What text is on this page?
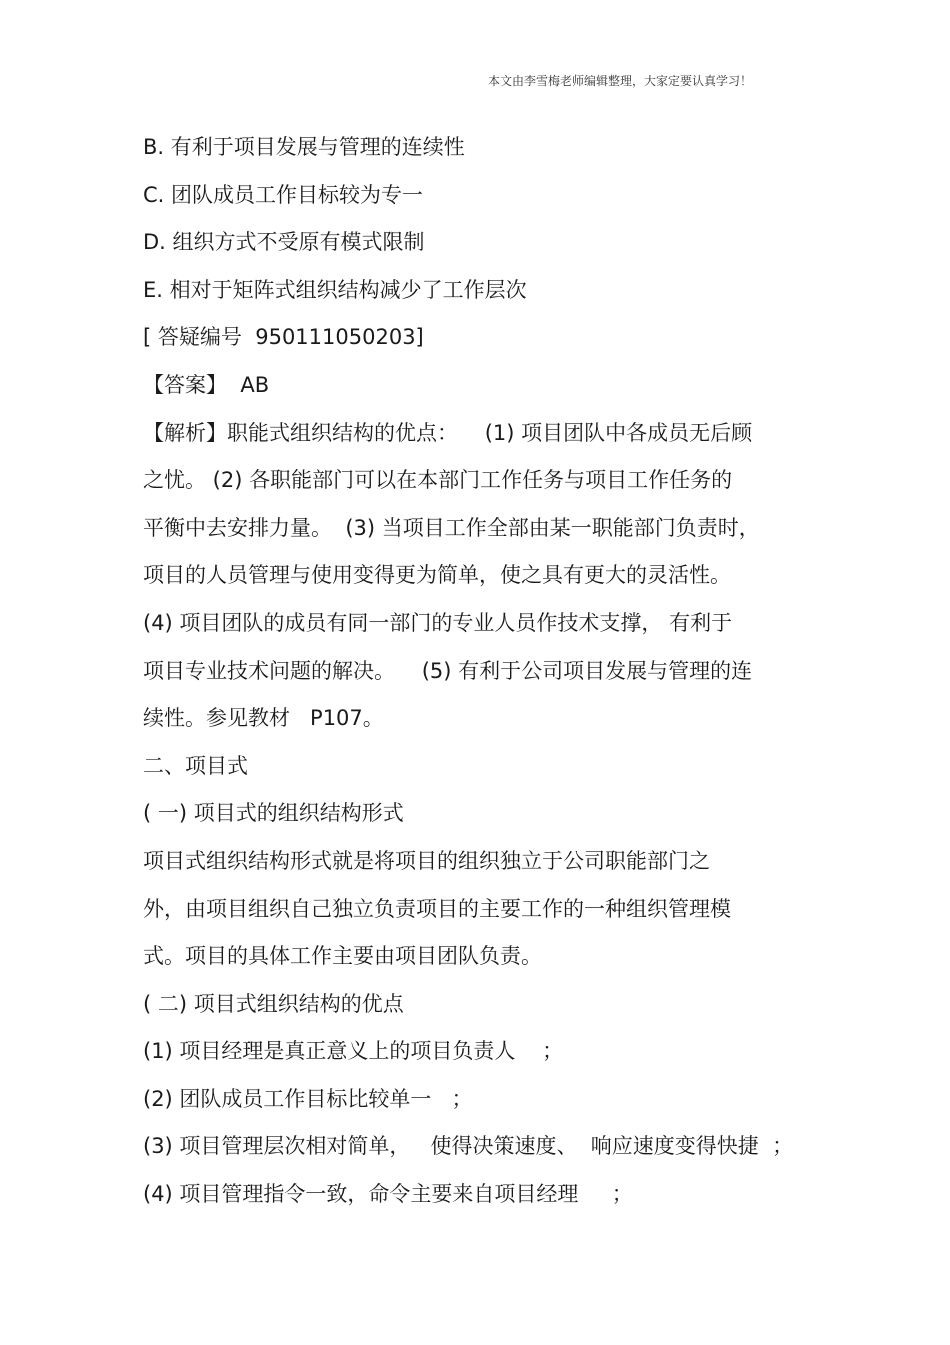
本文由李雪梅老师编辑整理，大家定要认真学习！
B. 有利于项目发展与管理的连续性
C. 团队成员工作目标较为专一
D. 组织方式不受原有模式限制
E. 相对于矩阵式组织结构减少了工作层次
[ 答疑编号  950111050203]
【答案】  AB
【解析】职能式组织结构的优点：    (1) 项目团队中各成员无后顾
之忧。 (2) 各职能部门可以在本部门工作任务与项目工作任务的
平衡中去安排力量。  (3) 当项目工作全部由某一职能部门负责时，
项目的人员管理与使用变得更为简单，使之具有更大的灵活性。
(4) 项目团队的成员有同一部门的专业人员作技术支撑， 有利于
项目专业技术问题的解决。    (5) 有利于公司项目发展与管理的连
续性。参见教材   P107。
二、项目式
( 一) 项目式的组织结构形式
项目式组织结构形式就是将项目的组织独立于公司职能部门之
外，由项目组织自己独立负责项目的主要工作的一种组织管理模
式。项目的具体工作主要由项目团队负责。
( 二) 项目式组织结构的优点
(1) 项目经理是真正意义上的项目负责人    ；
(2) 团队成员工作目标比较单一   ；
(3) 项目管理层次相对简单，   使得决策速度、  响应速度变得快捷  ；
(4) 项目管理指令一致，命令主要来自项目经理     ；
